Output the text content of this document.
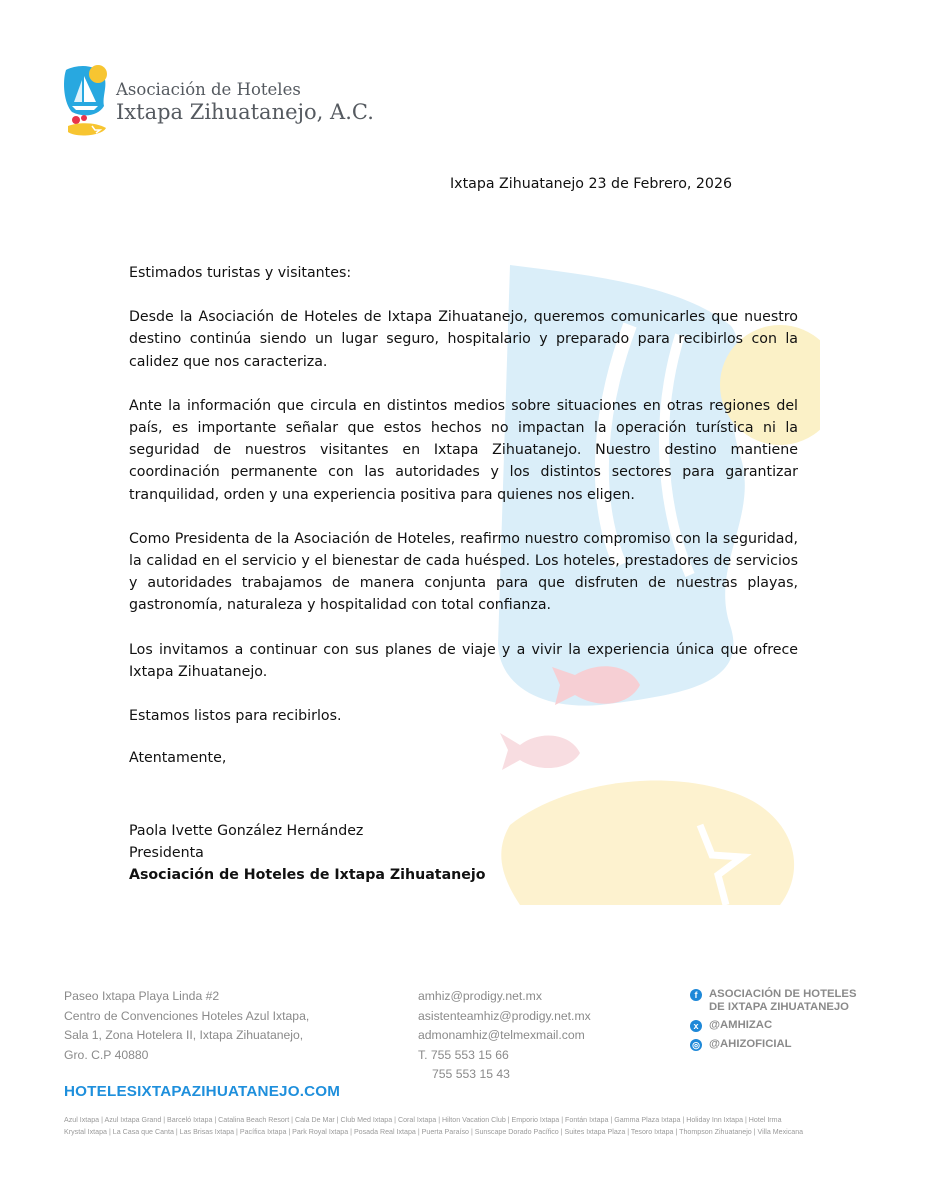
Asociación de Hoteles
Ixtapa Zihuatanejo, A.C.
Ixtapa Zihuatanejo 23 de Febrero, 2026

Estimados turistas y visitantes:

Desde la Asociación de Hoteles de Ixtapa Zihuatanejo, queremos comunicarles que nuestro destino continúa siendo un lugar seguro, hospitalario y preparado para recibirlos con la calidez que nos caracteriza.

Ante la información que circula en distintos medios sobre situaciones en otras regiones del país, es importante señalar que estos hechos no impactan la operación turística ni la seguridad de nuestros visitantes en Ixtapa Zihuatanejo. Nuestro destino mantiene coordinación permanente con las autoridades y los distintos sectores para garantizar tranquilidad, orden y una experiencia positiva para quienes nos eligen.

Como Presidenta de la Asociación de Hoteles, reafirmo nuestro compromiso con la seguridad, la calidad en el servicio y el bienestar de cada huésped. Los hoteles, prestadores de servicios y autoridades trabajamos de manera conjunta para que disfruten de nuestras playas, gastronomía, naturaleza y hospitalidad con total confianza.

Los invitamos a continuar con sus planes de viaje y a vivir la experiencia única que ofrece Ixtapa Zihuatanejo.

Estamos listos para recibirlos.

Atentamente,

Paola Ivette González Hernández
Presidenta
Asociación de Hoteles de Ixtapa Zihuatanejo
Paseo Ixtapa Playa Linda #2
Centro de Convenciones Hoteles Azul Ixtapa,
Sala 1, Zona Hotelera II, Ixtapa Zihuatanejo,
Gro. C.P 40880
amhiz@prodigy.net.mx
asistenteamhiz@prodigy.net.mx
admonamhiz@telmexmail.com
T. 755 553 15 66
755 553 15 43
f	ASOCIACIÓN DE HOTELES
DE IXTAPA ZIHUATANEJO
x @AMHIZAC
◎ @AHIZOFICIAL
HOTELESIXTAPAZIHUATANEJO.COM
Azul Ixtapa | Azul Ixtapa Grand | Barceló Ixtapa | Catalina Beach Resort | Cala De Mar | Club Med Ixtapa | Coral Ixtapa | Hilton Vacation Club | Emporio Ixtapa | Fontán Ixtapa | Gamma Plaza Ixtapa | Holiday Inn Ixtapa | Hotel Irma
Krystal Ixtapa | La Casa que Canta | Las Brisas Ixtapa | Pacífica Ixtapa | Park Royal Ixtapa | Posada Real Ixtapa | Puerta Paraíso | Sunscape Dorado Pacífico | Suites Ixtapa Plaza | Tesoro Ixtapa | Thompson Zihuatanejo | Villa Mexicana
